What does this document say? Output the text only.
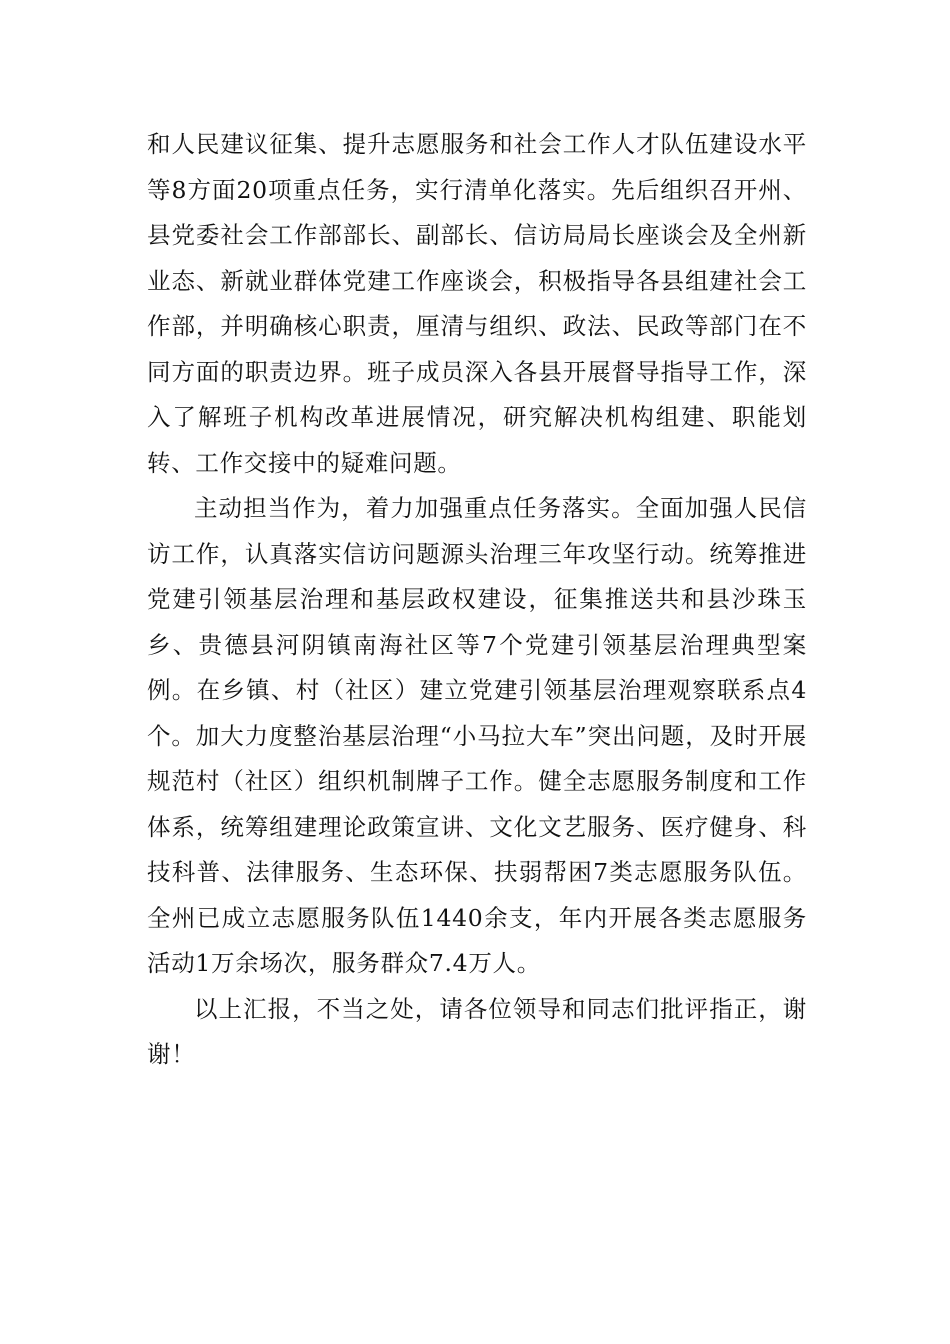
和人民建议征集、提升志愿服务和社会工作人才队伍建设水平等8方面20项重点任务，实行清单化落实。先后组织召开州、县党委社会工作部部长、副部长、信访局局长座谈会及全州新业态、新就业群体党建工作座谈会，积极指导各县组建社会工作部，并明确核心职责，厘清与组织、政法、民政等部门在不同方面的职责边界。班子成员深入各县开展督导指导工作，深入了解班子机构改革进展情况，研究解决机构组建、职能划转、工作交接中的疑难问题。

主动担当作为，着力加强重点任务落实。全面加强人民信访工作，认真落实信访问题源头治理三年攻坚行动。统筹推进党建引领基层治理和基层政权建设，征集推送共和县沙珠玉乡、贵德县河阴镇南海社区等7个党建引领基层治理典型案例。在乡镇、村（社区）建立党建引领基层治理观察联系点4个。加大力度整治基层治理“小马拉大车”突出问题，及时开展规范村（社区）组织机制牌子工作。健全志愿服务制度和工作体系，统筹组建理论政策宣讲、文化文艺服务、医疗健身、科技科普、法律服务、生态环保、扶弱帮困7类志愿服务队伍。全州已成立志愿服务队伍1440余支，年内开展各类志愿服务活动1万余场次，服务群众7.4万人。

以上汇报，不当之处，请各位领导和同志们批评指正，谢谢！
